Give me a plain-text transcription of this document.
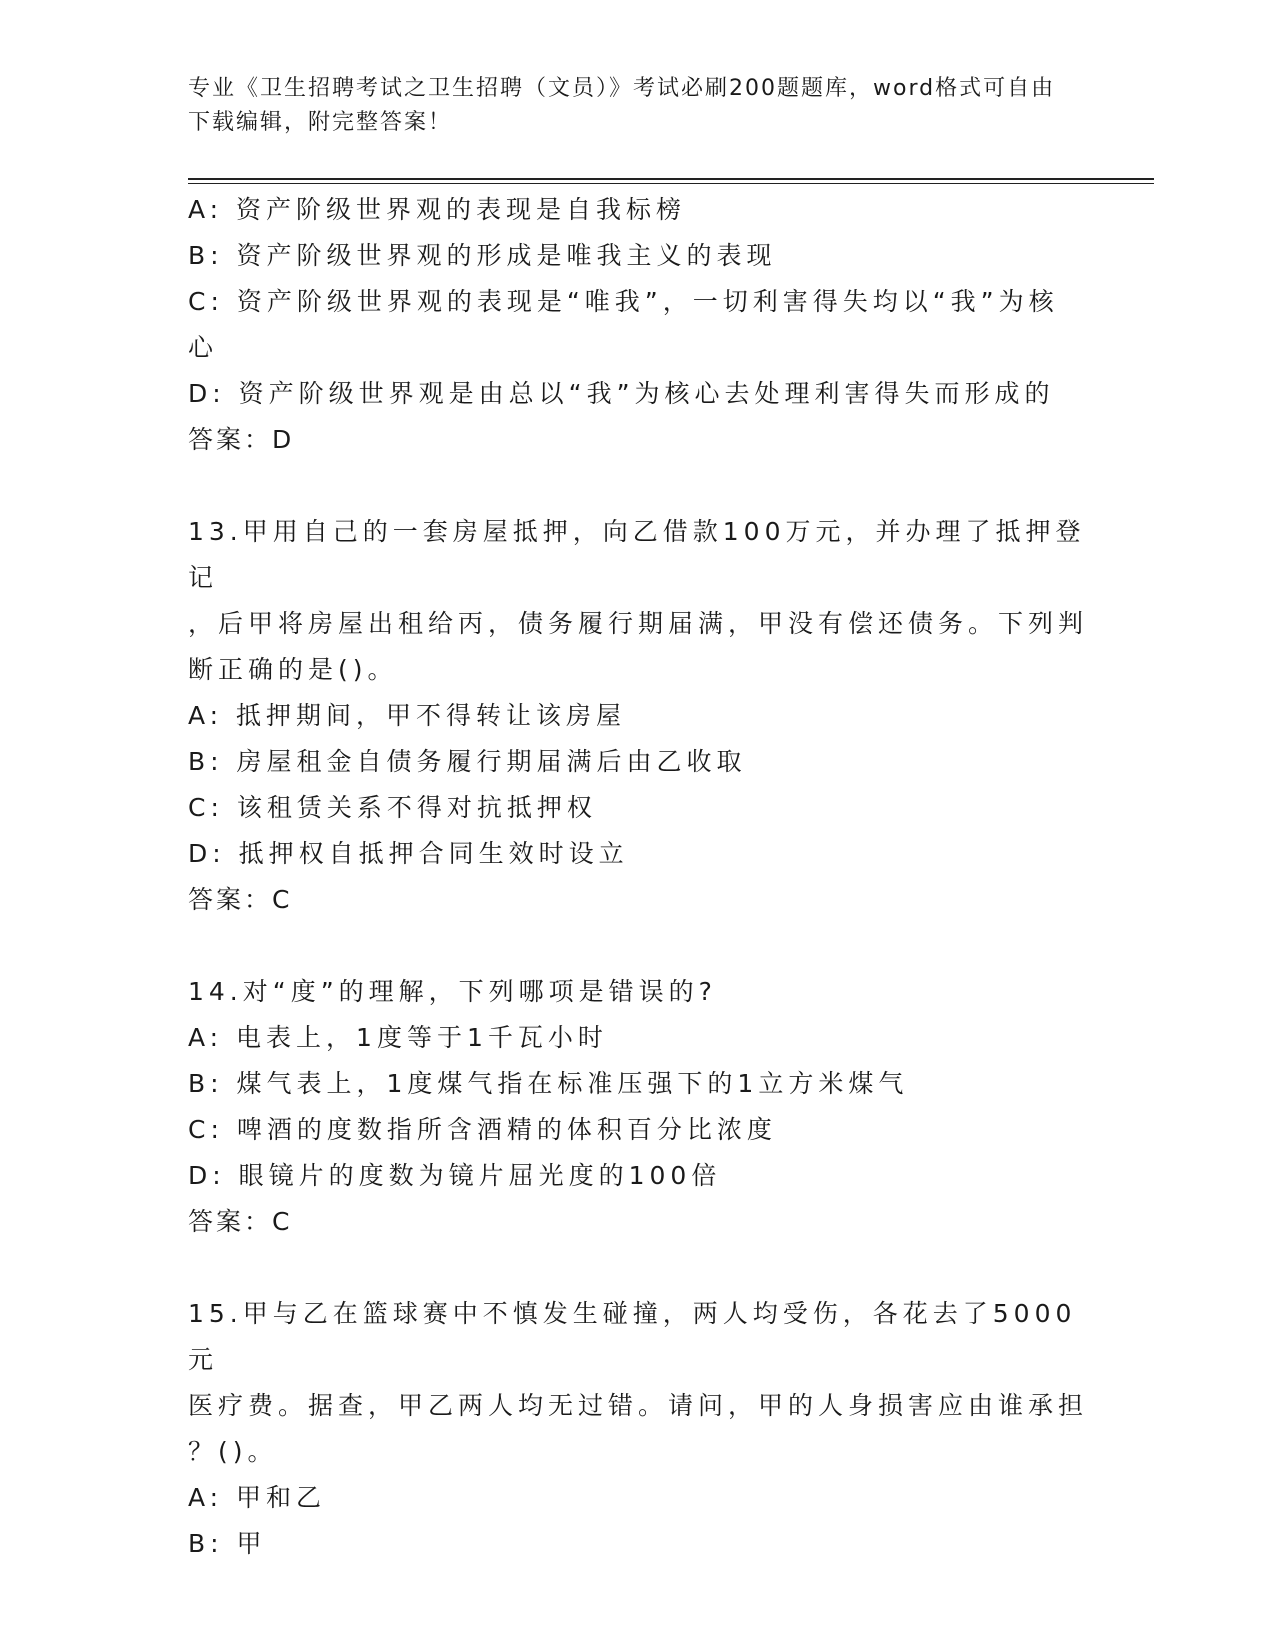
专业《卫生招聘考试之卫生招聘（文员）》考试必刷200题题库，word格式可自由下载编辑，附完整答案！
A: 资产阶级世界观的表现是自我标榜
B: 资产阶级世界观的形成是唯我主义的表现
C: 资产阶级世界观的表现是“唯我”，一切利害得失均以“我”为核
心
D: 资产阶级世界观是由总以“我”为核心去处理利害得失而形成的
答案：D
13.甲用自己的一套房屋抵押，向乙借款100万元，并办理了抵押登记
，后甲将房屋出租给丙，债务履行期届满，甲没有偿还债务。下列判
断正确的是()。
A: 抵押期间，甲不得转让该房屋
B: 房屋租金自债务履行期届满后由乙收取
C: 该租赁关系不得对抗抵押权
D: 抵押权自抵押合同生效时设立
答案：C
14.对“度”的理解，下列哪项是错误的?
A: 电表上，1度等于1千瓦小时
B: 煤气表上，1度煤气指在标准压强下的1立方米煤气
C: 啤酒的度数指所含酒精的体积百分比浓度
D: 眼镜片的度数为镜片屈光度的100倍
答案：C
15.甲与乙在篮球赛中不慎发生碰撞，两人均受伤，各花去了5000元
医疗费。据查，甲乙两人均无过错。请问，甲的人身损害应由谁承担
？()。
A: 甲和乙
B: 甲
